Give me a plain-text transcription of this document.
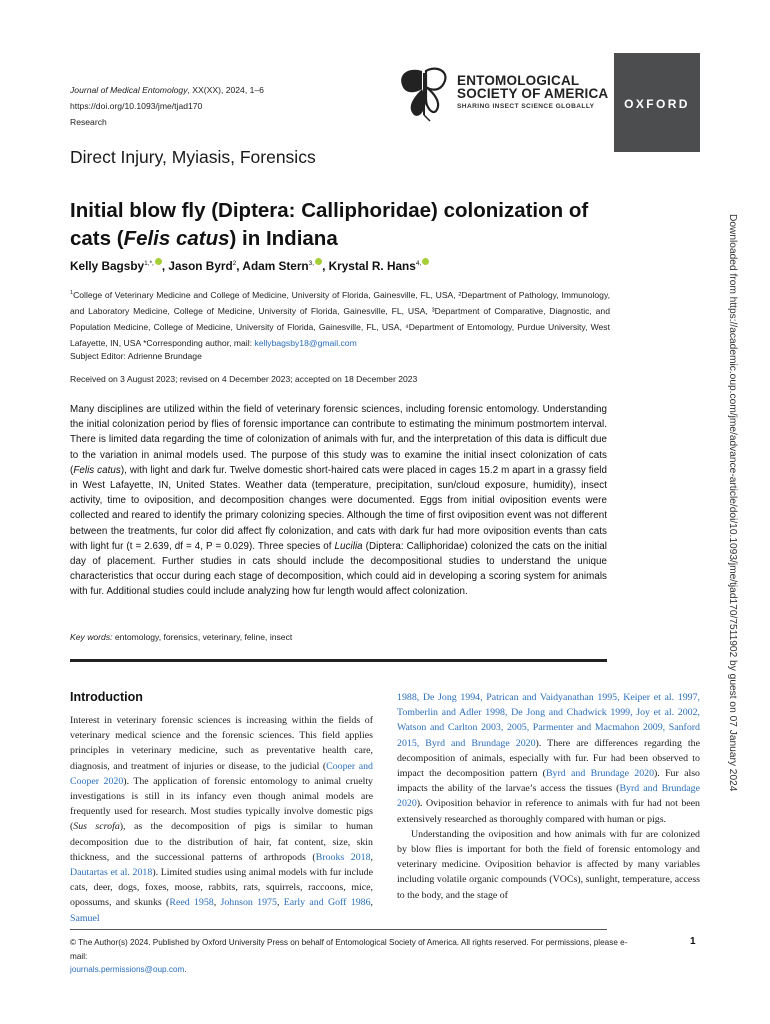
Journal of Medical Entomology, XX(XX), 2024, 1–6
https://doi.org/10.1093/jme/tjad170
Research
ENTOMOLOGICAL
SOCIETY OF AMERICA
SHARING INSECT SCIENCE GLOBALLY	OXFORD
Direct Injury, Myiasis, Forensics
Initial blow fly (Diptera: Calliphoridae) colonization of cats (Felis catus) in Indiana
Kelly Bagsby$^{1,*,}$ , Jason Byrd$^2$, Adam Stern$^{3,}$ , Krystal R. Hans$^{4,}$
$^1$College of Veterinary Medicine and College of Medicine, University of Florida, Gainesville, FL, USA, ²Department of Pathology, Immunology, and Laboratory Medicine, College of Medicine, University of Florida, Gainesville, FL, USA, ³Department of Comparative, Diagnostic, and Population Medicine, College of Medicine, University of Florida, Gainesville, FL, USA, ⁴Department of Entomology, Purdue University, West Lafayette, IN, USA *Corresponding author, mail: kellybagsby18@gmail.com
Subject Editor: Adrienne Brundage
Received on 3 August 2023; revised on 4 December 2023; accepted on 18 December 2023
Many disciplines are utilized within the field of veterinary forensic sciences, including forensic entomology. Understanding the initial colonization period by flies of forensic importance can contribute to estimating the minimum postmortem interval. There is limited data regarding the time of colonization of animals with fur, and the interpretation of this data is difficult due to the variation in animal models used. The purpose of this study was to examine the initial insect colonization of cats (Felis catus), with light and dark fur. Twelve domestic short-haired cats were placed in cages 15.2 m apart in a grassy field in West Lafayette, IN, United States. Weather data (temperature, precipitation, sun/cloud exposure, humidity), insect activity, time to oviposition, and decomposition changes were documented. Eggs from initial oviposition events were collected and reared to identify the primary colonizing species. Although the time of first oviposition event was not different between the treatments, fur color did affect fly colonization, and cats with dark fur had more oviposition events than cats with light fur (t = 2.639, df = 4, P = 0.029). Three species of Lucilia (Diptera: Calliphoridae) colonized the cats on the initial day of placement. Further studies in cats should include the decompositional studies to understand the unique characteristics that occur during each stage of decomposition, which could aid in developing a scoring system for animals with fur. Additional studies could include analyzing how fur length would affect colonization.
Key words: entomology, forensics, veterinary, feline, insect
Introduction

Interest in veterinary forensic sciences is increasing within the fields of veterinary medical science and the forensic sciences. This field applies principles in veterinary medicine, such as preventative health care, diagnosis, and treatment of injuries or disease, to the judicial (Cooper and Cooper 2020). The application of forensic entomology to animal cruelty investigations is still in its infancy even though animal models are frequently used for research. Most studies typically involve domestic pigs (Sus scrofa), as the decomposition of pigs is similar to human decomposition due to the distribution of hair, fat content, size, skin thickness, and the successional patterns of arthropods (Brooks 2018, Dautartas et al. 2018). Limited studies using animal models with fur include cats, deer, dogs, foxes, moose, rabbits, rats, squirrels, raccoons, mice, opossums, and skunks (Reed 1958, Johnson 1975, Early and Goff 1986, Samuel

1988, De Jong 1994, Patrican and Vaidyanathan 1995, Keiper et al. 1997, Tomberlin and Adler 1998, De Jong and Chadwick 1999, Joy et al. 2002, Watson and Carlton 2003, 2005, Parmenter and Macmahon 2009, Sanford 2015, Byrd and Brundage 2020). There are differences regarding the decomposition of animals, especially with fur. Fur had been observed to impact the decomposition pattern (Byrd and Brundage 2020). Fur also impacts the ability of the larvae’s access the tissues (Byrd and Brundage 2020). Oviposition behavior in reference to animals with fur had not been extensively researched as thoroughly compared with human or pigs.

Understanding the oviposition and how animals with fur are colonized by blow flies is important for both the field of forensic entomology and veterinary medicine. Oviposition behavior is affected by many variables including volatile organic compounds (VOCs), sunlight, temperature, access to the body, and the stage of

© The Author(s) 2024. Published by Oxford University Press on behalf of Entomological Society of America. All rights reserved. For permissions, please e-mail:
journals.permissions@oup.com.
1
Downloaded from https://academic.oup.com/jme/advance-article/doi/10.1093/jme/tjad170/7511902 by guest on 07 January 2024
